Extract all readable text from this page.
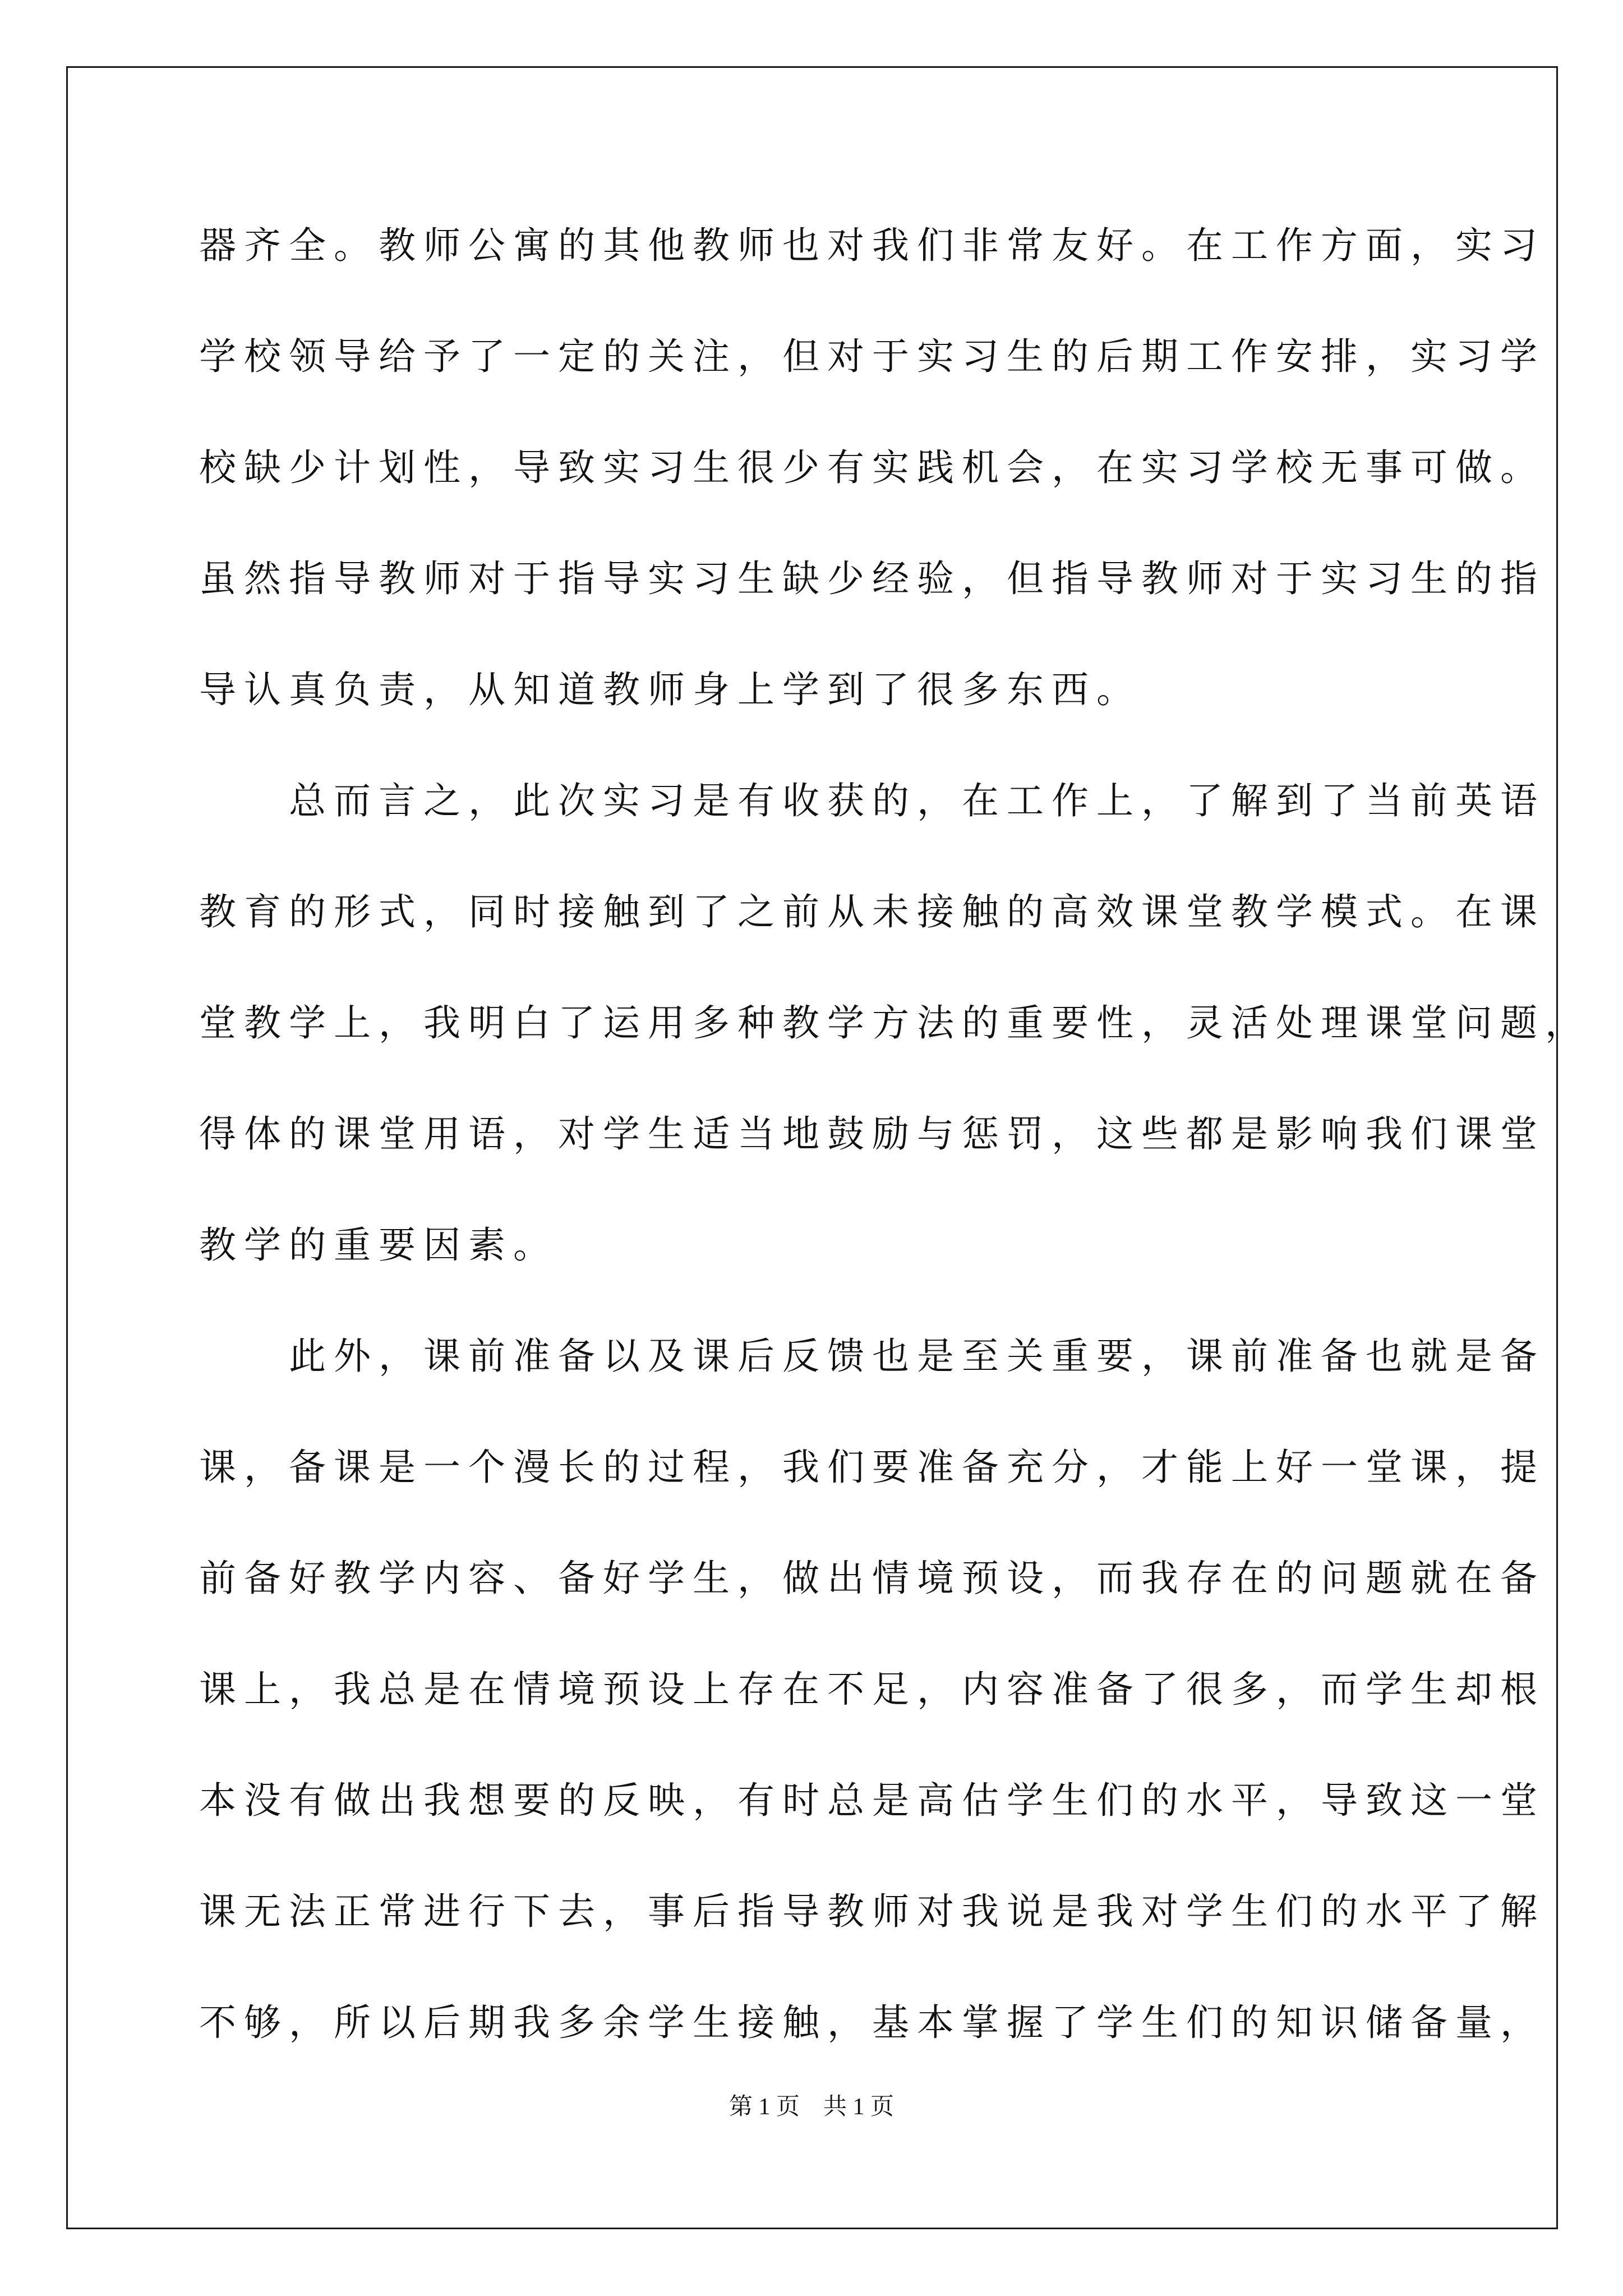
器齐全。教师公寓的其他教师也对我们非常友好。在工作方面，实习
学校领导给予了一定的关注，但对于实习生的后期工作安排，实习学
校缺少计划性，导致实习生很少有实践机会，在实习学校无事可做。
虽然指导教师对于指导实习生缺少经验，但指导教师对于实习生的指
导认真负责，从知道教师身上学到了很多东西。
　　总而言之，此次实习是有收获的，在工作上，了解到了当前英语
教育的形式，同时接触到了之前从未接触的高效课堂教学模式。在课
堂教学上，我明白了运用多种教学方法的重要性，灵活处理课堂问题，
得体的课堂用语，对学生适当地鼓励与惩罚，这些都是影响我们课堂
教学的重要因素。
　　此外，课前准备以及课后反馈也是至关重要，课前准备也就是备
课，备课是一个漫长的过程，我们要准备充分，才能上好一堂课，提
前备好教学内容、备好学生，做出情境预设，而我存在的问题就在备
课上，我总是在情境预设上存在不足，内容准备了很多，而学生却根
本没有做出我想要的反映，有时总是高估学生们的水平，导致这一堂
课无法正常进行下去，事后指导教师对我说是我对学生们的水平了解
不够，所以后期我多余学生接触，基本掌握了学生们的知识储备量，
第 1 页　共 1 页
